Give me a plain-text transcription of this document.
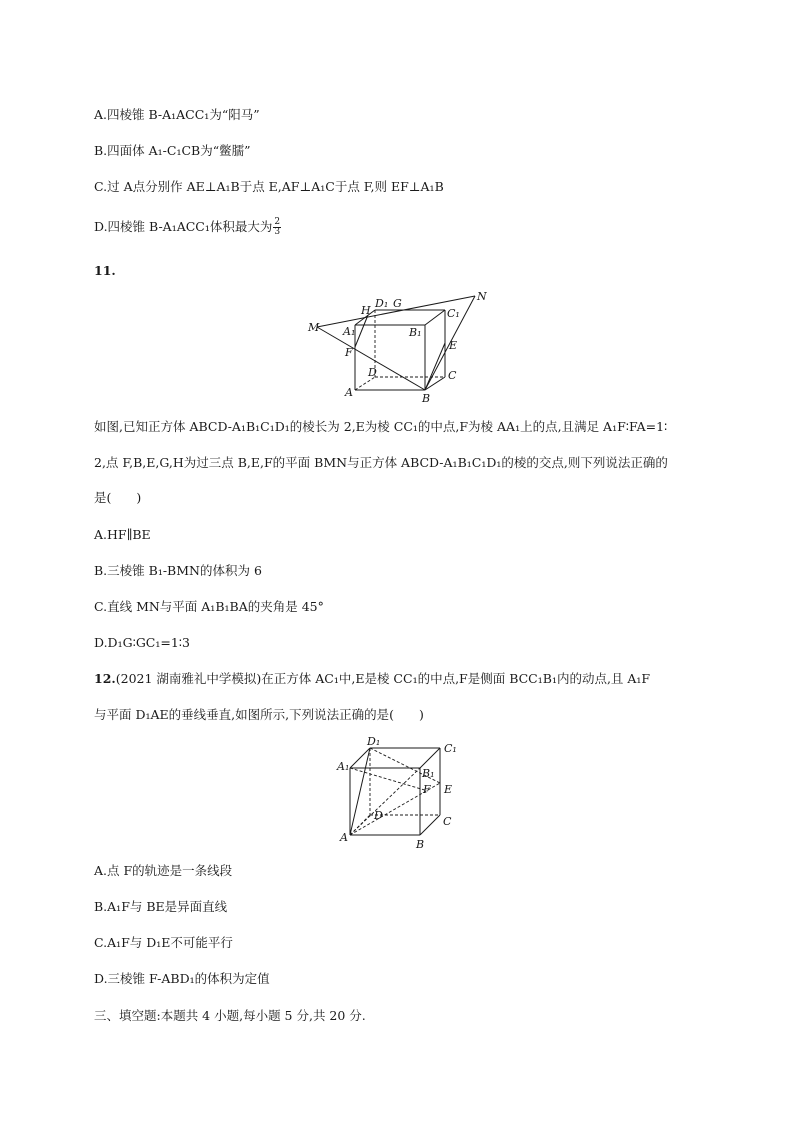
A.四棱锥 B-A₁ACC₁为“阳马”
B.四面体 A₁-C₁CB为“鳖臑”
C.过 A点分别作 AE⊥A₁B于点 E,AF⊥A₁C于点 F,则 EF⊥A₁B
D.四棱锥 B-A₁ACC₁体积最大为 $\frac{2}{3}$
11.
M
H
D₁ G
N
C₁
A₁	B₁
F
E
D	C
A	B
如图,已知正方体 ABCD-A₁B₁C₁D₁的棱长为 2,E为棱 CC₁的中点,F为棱 AA₁上的点,且满足 A₁F∶FA=1∶
2,点 F,B,E,G,H为过三点 B,E,F的平面 BMN与正方体 ABCD-A₁B₁C₁D₁的棱的交点,则下列说法正确的
是(　　)
A.HF∥BE
B.三棱锥 B₁-BMN的体积为 6
C.直线 MN与平面 A₁B₁BA的夹角是 45°
D.D₁G∶GC₁=1∶3
12.(2021 湖南雅礼中学模拟)在正方体 AC₁中,E是棱 CC₁的中点,F是侧面 BCC₁B₁内的动点,且 A₁F
与平面 D₁AE的垂线垂直,如图所示,下列说法正确的是(　　)
D₁
C₁
A₁
B₁
F E
D	C
A
B
A.点 F的轨迹是一条线段
B.A₁F与 BE是异面直线
C.A₁F与 D₁E不可能平行
D.三棱锥 F-ABD₁的体积为定值
三、填空题:本题共 4 小题,每小题 5 分,共 20 分.
